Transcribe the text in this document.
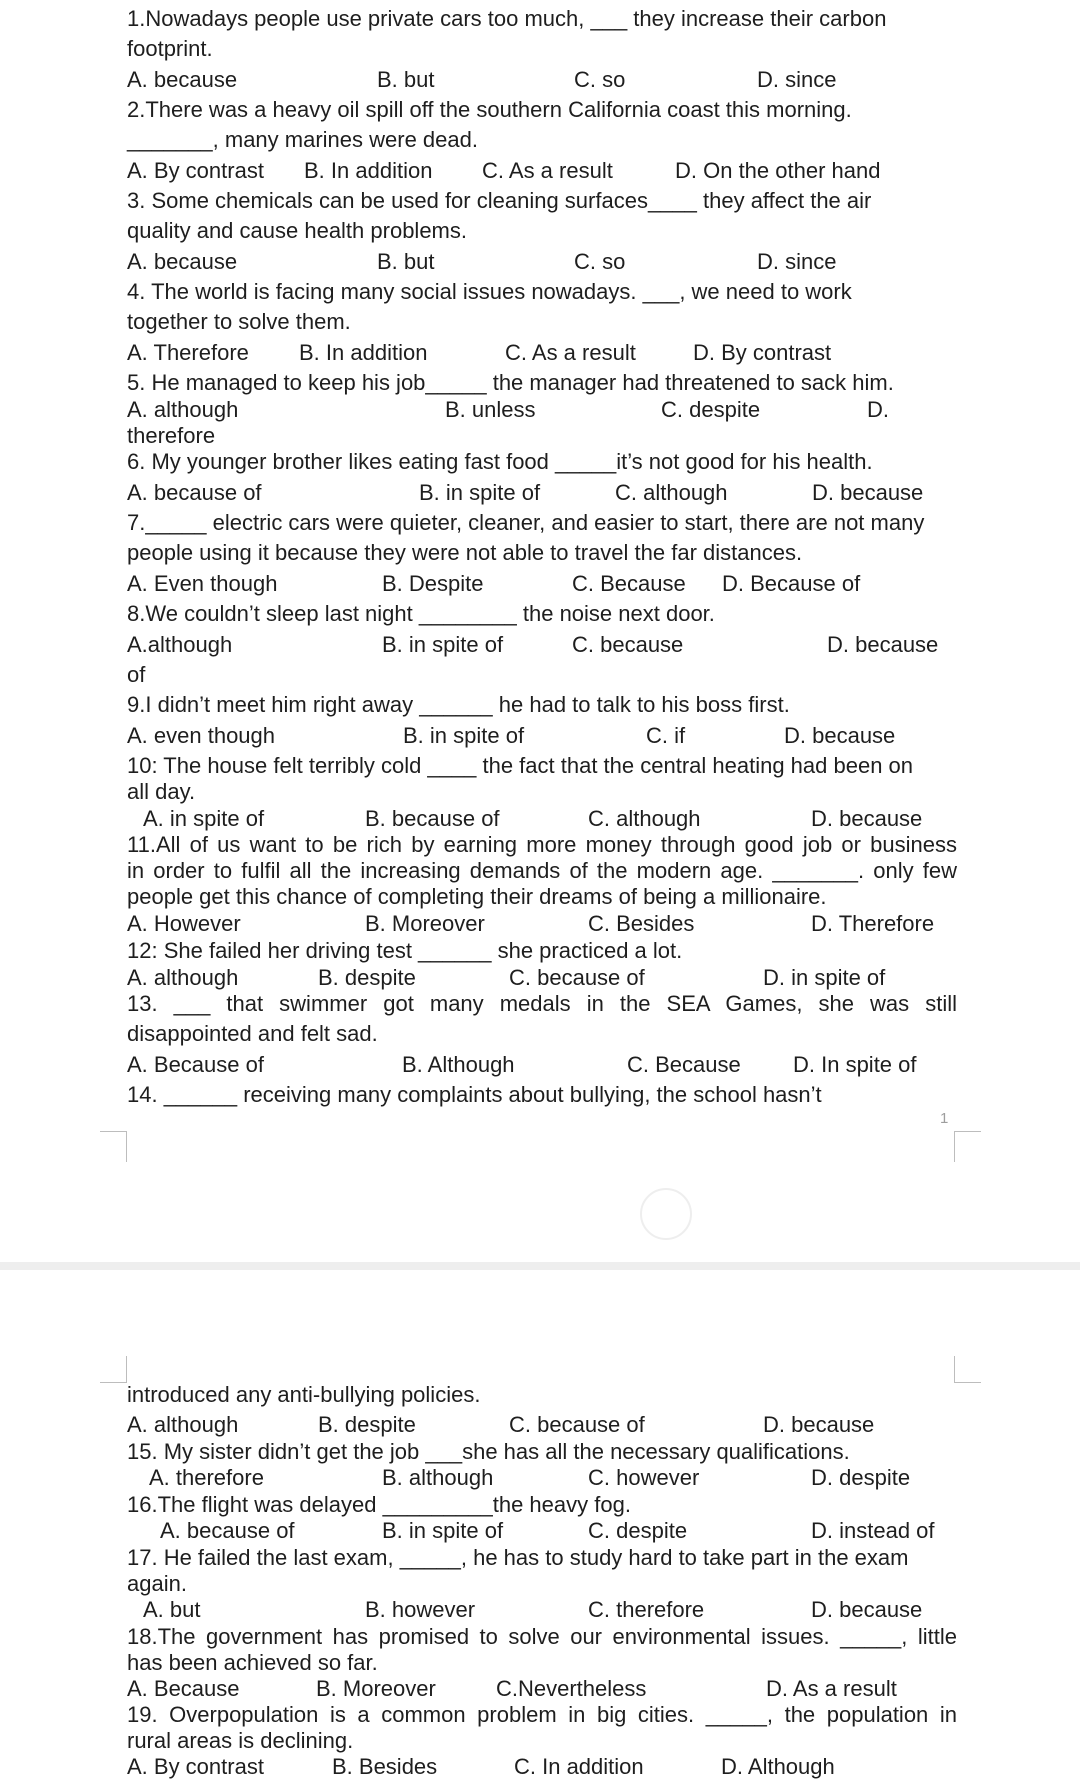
1.Nowadays people use private cars too much, ___ they increase their carbon
footprint.
A. because	B. but	C. so	D. since
2.There was a heavy oil spill off the southern California coast this morning.
_______, many marines were dead.
A. By contrast B. In addition C. As a result	D. On the other hand
3. Some chemicals can be used for cleaning surfaces____ they affect the air
quality and cause health problems.
A. because	B. but	C. so	D. since
4. The world is facing many social issues nowadays. ___, we need to work
together to solve them.
A. Therefore B. In addition	C. As a result	D. By contrast
5. He managed to keep his job_____ the manager had threatened to sack him.
A. although	B. unless	C. despite	D.
therefore
6. My younger brother likes eating fast food _____it’s not good for his health.
A. because of	B. in spite of	C. although	D. because
7._____ electric cars were quieter, cleaner, and easier to start, there are not many
people using it because they were not able to travel the far distances.
A. Even though	B. Despite	C. Because D. Because of
8.We couldn’t sleep last night ________ the noise next door.
A.although	B. in spite of	C. because	D. because
of
9.I didn’t meet him right away ______ he had to talk to his boss first.
A. even though	B. in spite of	C. if	D. because
10: The house felt terribly cold ____ the fact that the central heating had been on
all day.
A. in spite of	B. because of	C. although	D. because
11.All of us want to be rich by earning more money through good job or business
in order to fulfil all the increasing demands of the modern age. _______. only few
people get this chance of completing their dreams of being a millionaire.
A. However	B. Moreover	C. Besides	D. Therefore
12: She failed her driving test ______ she practiced a lot.
A. although	B. despite	C. because of	D. in spite of
13. ___ that swimmer got many medals in the SEA Games, she was still
disappointed and felt sad.
A. Because of	B. Although	C. Because D. In spite of
14. ______ receiving many complaints about bullying, the school hasn’t
1
introduced any anti-bullying policies.
A. although	B. despite	C. because of	D. because
15. My sister didn’t get the job ___she has all the necessary qualifications.
A. therefore	B. although	C. however	D. despite
16.The flight was delayed _________the heavy fog.
A. because of	B. in spite of	C. despite	D. instead of
17. He failed the last exam, _____, he has to study hard to take part in the exam
again.
A. but	B. however	C. therefore	D. because
18.The government has promised to solve our environmental issues. _____, little
has been achieved so far.
A. Because	B. Moreover	C.Nevertheless	D. As a result
19. Overpopulation is a common problem in big cities. _____, the population in
rural areas is declining.
A. By contrast	B. Besides	C. In addition	D. Although
